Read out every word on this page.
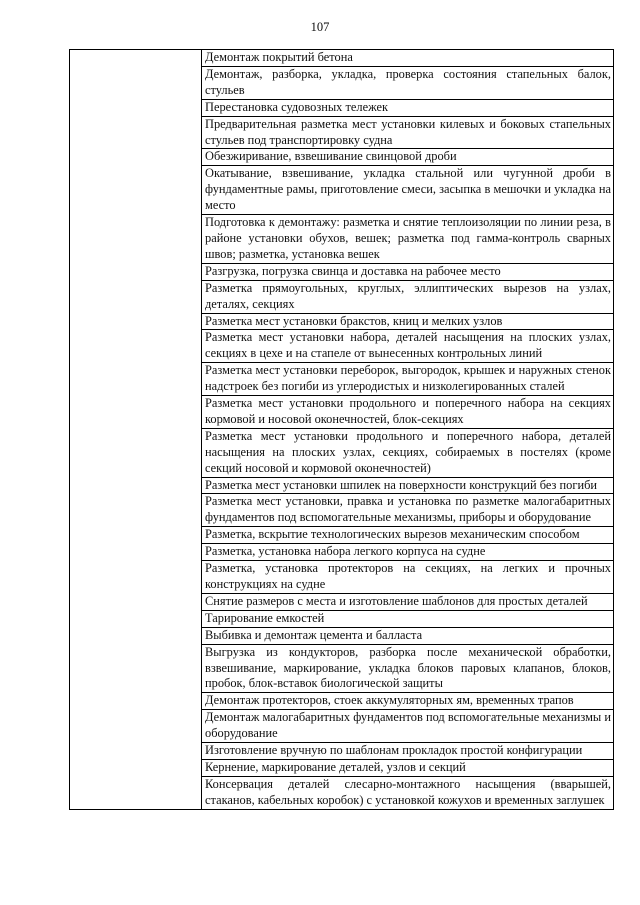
107
	Демонтаж покрытий бетона
Демонтаж, разборка, укладка, проверка состояния стапельных балок, стульев
Перестановка судовозных тележек
Предварительная разметка мест установки килевых и боковых стапельных стульев под транспортировку судна
Обезжиривание, взвешивание свинцовой дроби
Окатывание, взвешивание, укладка стальной или чугунной дроби в фундаментные рамы, приготовление смеси, засыпка в мешочки и укладка на место
Подготовка к демонтажу: разметка и снятие теплоизоляции по линии реза, в районе установки обухов, вешек; разметка под гамма-контроль сварных швов; разметка, установка вешек
Разгрузка, погрузка свинца и доставка на рабочее место
Разметка прямоугольных, круглых, эллиптических вырезов на узлах, деталях, секциях
Разметка мест установки бракстов, книц и мелких узлов
Разметка мест установки набора, деталей насыщения на плоских узлах, секциях в цехе и на стапеле от вынесенных контрольных линий
Разметка мест установки переборок, выгородок, крышек и наружных стенок надстроек без погиби из углеродистых и низколегированных сталей
Разметка мест установки продольного и поперечного набора на секциях кормовой и носовой оконечностей, блок-секциях
Разметка мест установки продольного и поперечного набора, деталей насыщения на плоских узлах, секциях, собираемых в постелях (кроме секций носовой и кормовой оконечностей)
Разметка мест установки шпилек на поверхности конструкций без погиби
Разметка мест установки, правка и установка по разметке малогабаритных фундаментов под вспомогательные механизмы, приборы и оборудование
Разметка, вскрытие технологических вырезов механическим способом
Разметка, установка набора легкого корпуса на судне
Разметка, установка протекторов на секциях, на легких и прочных конструкциях на судне
Снятие размеров с места и изготовление шаблонов для простых деталей
Тарирование емкостей
Выбивка и демонтаж цемента и балласта
Выгрузка из кондукторов, разборка после механической обработки, взвешивание, маркирование, укладка блоков паровых клапанов, блоков, пробок, блок-вставок биологической защиты
Демонтаж протекторов, стоек аккумуляторных ям, временных трапов
Демонтаж малогабаритных фундаментов под вспомогательные механизмы и оборудование
Изготовление вручную по шаблонам прокладок простой конфигурации
Кернение, маркирование деталей, узлов и секций
Консервация деталей слесарно-монтажного насыщения (вварышей, стаканов, кабельных коробок) с установкой кожухов и временных заглушек
